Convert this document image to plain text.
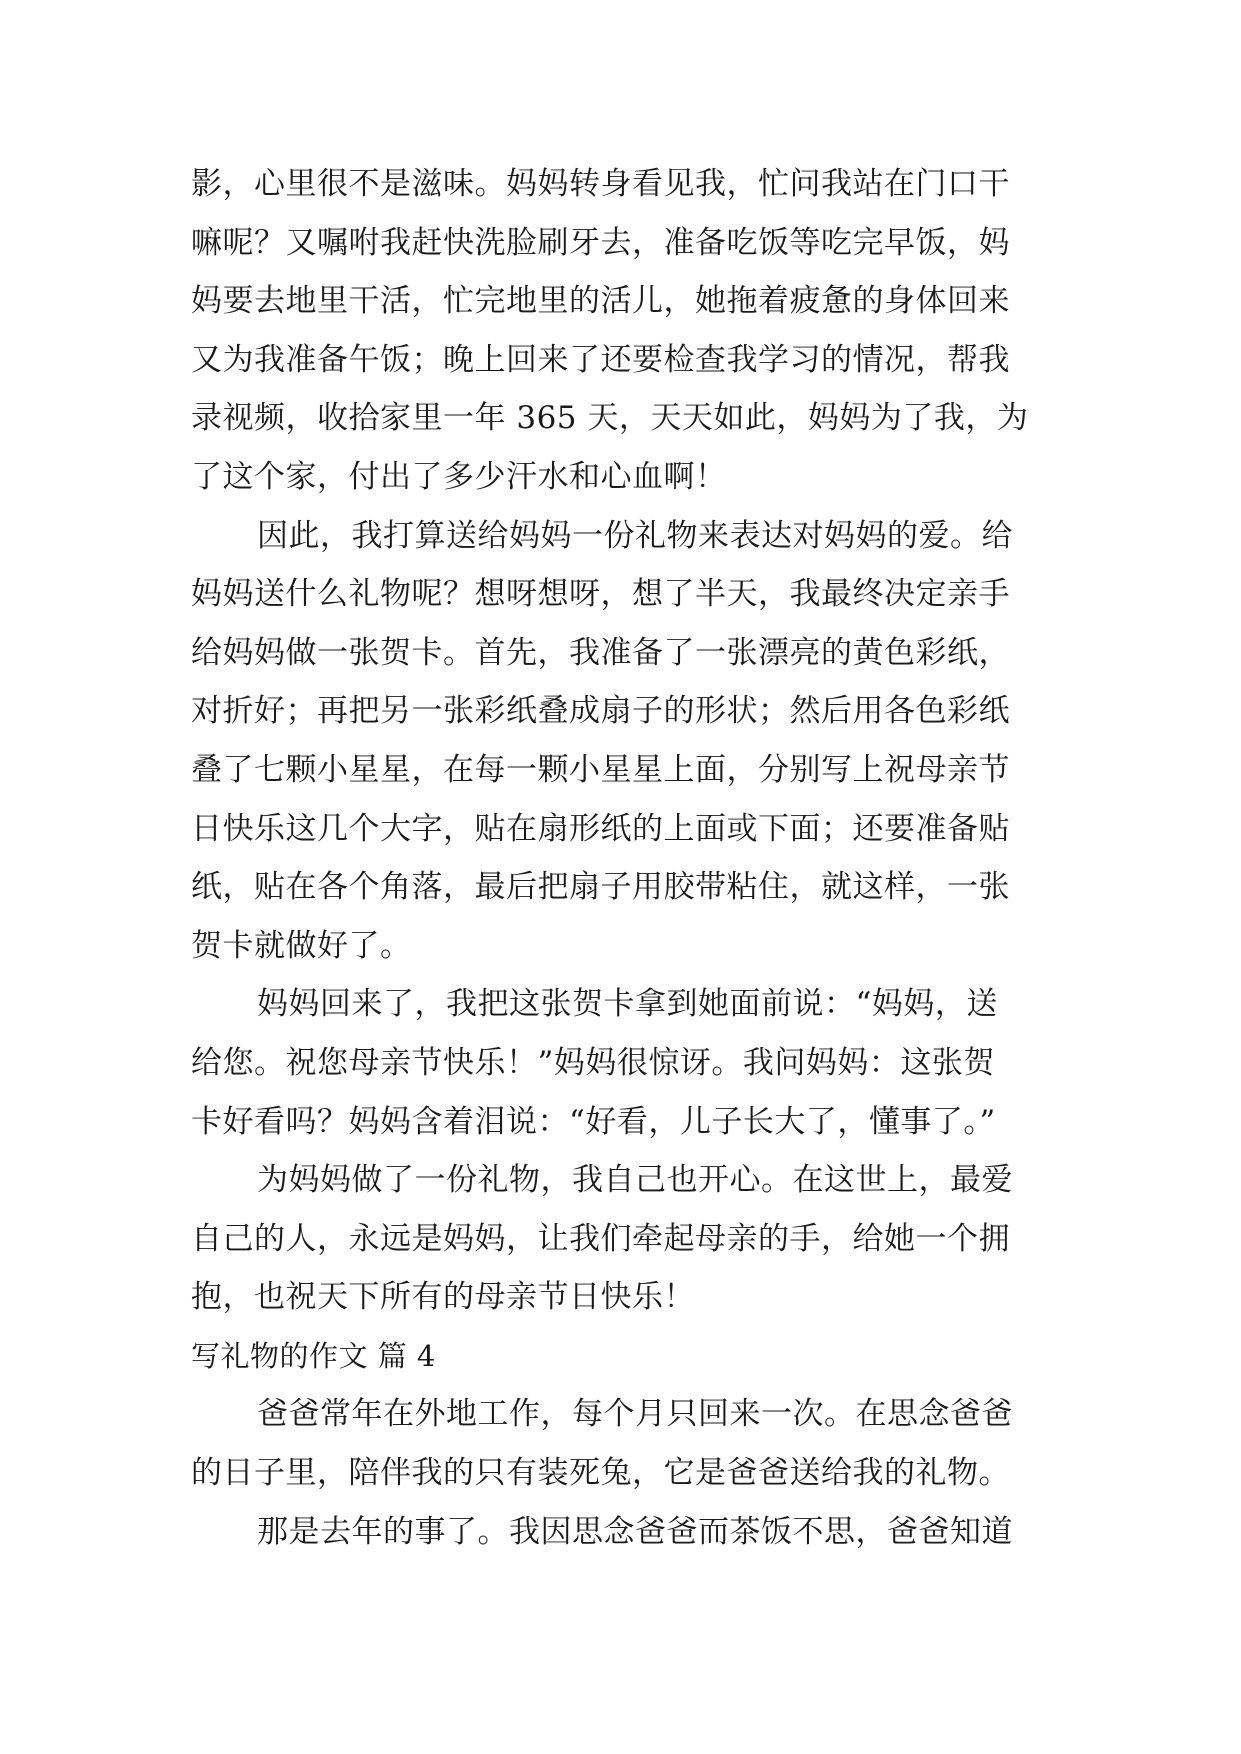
影，心里很不是滋味。妈妈转身看见我，忙问我站在门口干
嘛呢？又嘱咐我赶快洗脸刷牙去，准备吃饭等吃完早饭，妈
妈要去地里干活，忙完地里的活儿，她拖着疲惫的身体回来
又为我准备午饭；晚上回来了还要检查我学习的情况，帮我
录视频，收拾家里一年 365 天，天天如此，妈妈为了我，为
了这个家，付出了多少汗水和心血啊！
因此，我打算送给妈妈一份礼物来表达对妈妈的爱。给
妈妈送什么礼物呢？想呀想呀，想了半天，我最终决定亲手
给妈妈做一张贺卡。首先，我准备了一张漂亮的黄色彩纸，
对折好；再把另一张彩纸叠成扇子的形状；然后用各色彩纸
叠了七颗小星星，在每一颗小星星上面，分别写上祝母亲节
日快乐这几个大字，贴在扇形纸的上面或下面；还要准备贴
纸，贴在各个角落，最后把扇子用胶带粘住，就这样，一张
贺卡就做好了。
妈妈回来了，我把这张贺卡拿到她面前说：“妈妈，送
给您。祝您母亲节快乐！”妈妈很惊讶。我问妈妈：这张贺
卡好看吗？妈妈含着泪说：“好看，儿子长大了，懂事了。”
为妈妈做了一份礼物，我自己也开心。在这世上，最爱
自己的人，永远是妈妈，让我们牵起母亲的手，给她一个拥
抱，也祝天下所有的母亲节日快乐！
写礼物的作文 篇 4
爸爸常年在外地工作，每个月只回来一次。在思念爸爸
的日子里，陪伴我的只有装死兔，它是爸爸送给我的礼物。
那是去年的事了。我因思念爸爸而茶饭不思，爸爸知道
